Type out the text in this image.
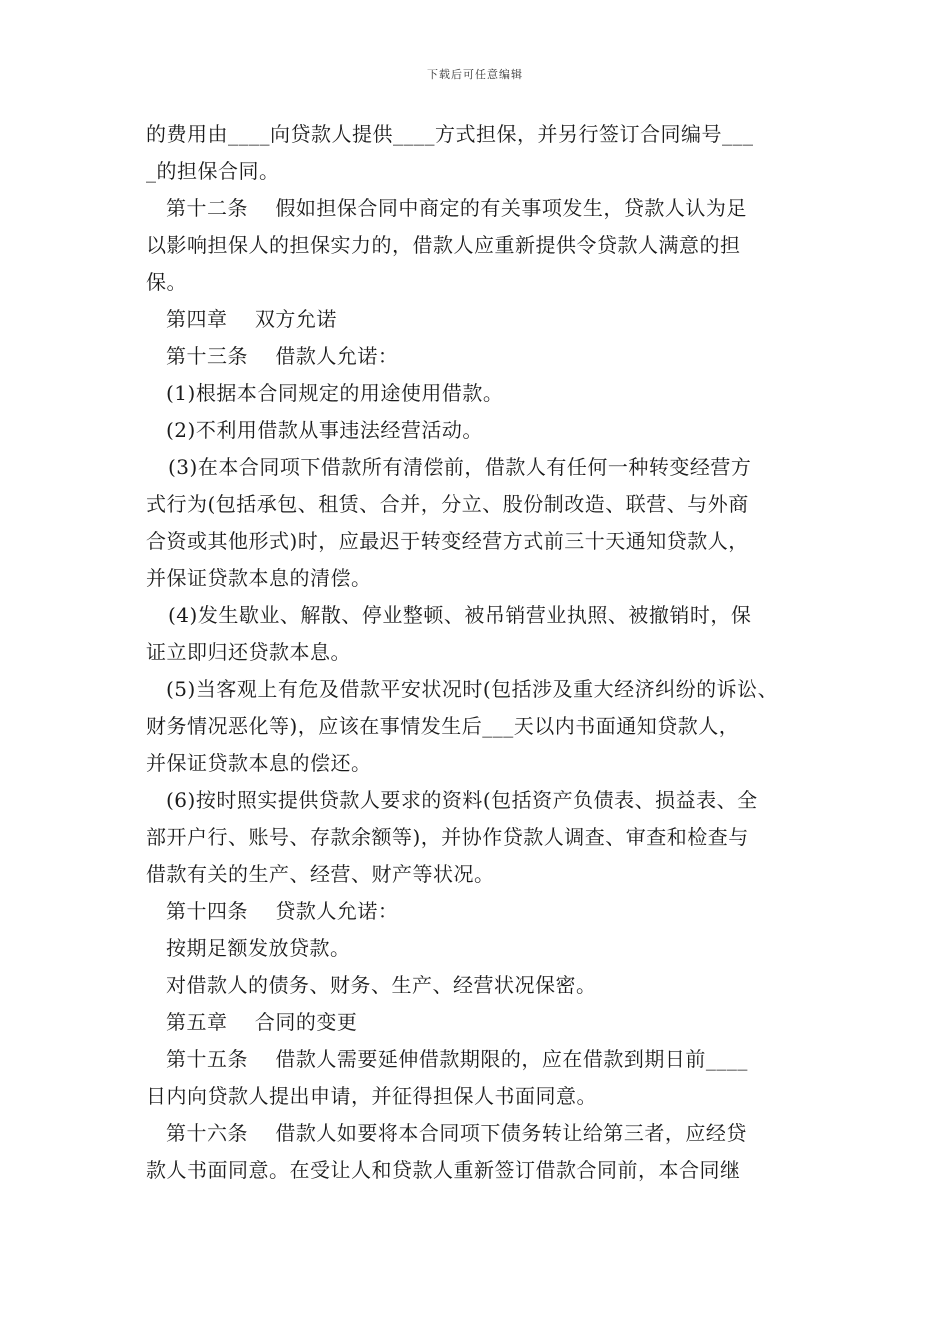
下载后可任意编辑
的费用由____向贷款人提供____方式担保，并另行签订合同编号___
_的担保合同。
第十二条　 假如担保合同中商定的有关事项发生，贷款人认为足
以影响担保人的担保实力的，借款人应重新提供令贷款人满意的担
保。
第四章　 双方允诺
第十三条　 借款人允诺：
(1)根据本合同规定的用途使用借款。
(2)不利用借款从事违法经营活动。
(3)在本合同项下借款所有清偿前，借款人有任何一种转变经营方
式行为(包括承包、租赁、合并，分立、股份制改造、联营、与外商
合资或其他形式)时，应最迟于转变经营方式前三十天通知贷款人，
并保证贷款本息的清偿。
(4)发生歇业、解散、停业整顿、被吊销营业执照、被撤销时，保
证立即归还贷款本息。
(5)当客观上有危及借款平安状况时(包括涉及重大经济纠纷的诉讼、
财务情况恶化等)，应该在事情发生后___天以内书面通知贷款人，
并保证贷款本息的偿还。
(6)按时照实提供贷款人要求的资料(包括资产负债表、损益表、全
部开户行、账号、存款余额等)，并协作贷款人调查、审查和检查与
借款有关的生产、经营、财产等状况。
第十四条　 贷款人允诺：
按期足额发放贷款。
对借款人的债务、财务、生产、经营状况保密。
第五章　 合同的变更
第十五条　 借款人需要延伸借款期限的，应在借款到期日前____
日内向贷款人提出申请，并征得担保人书面同意。
第十六条　 借款人如要将本合同项下债务转让给第三者，应经贷
款人书面同意。在受让人和贷款人重新签订借款合同前，本合同继
